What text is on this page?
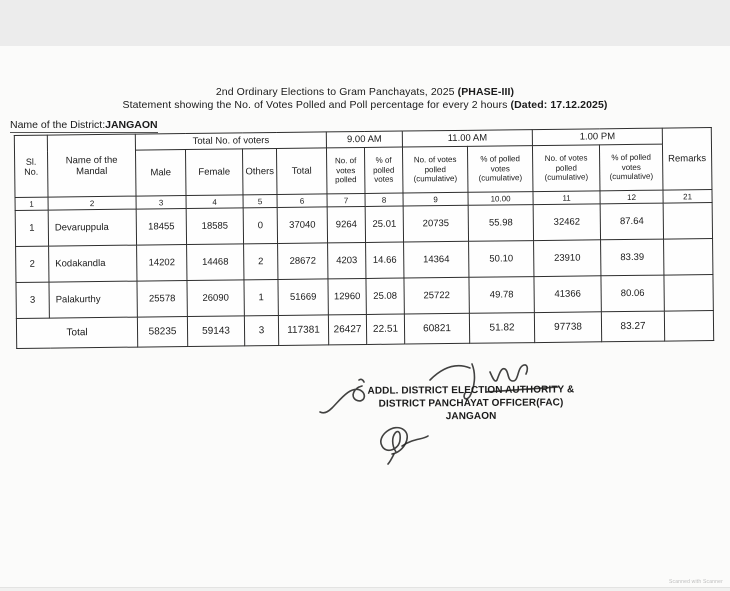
2nd Ordinary Elections to Gram Panchayats, 2025 (PHASE-III)
Statement showing the No. of Votes Polled and Poll percentage for every 2 hours (Dated: 17.12.2025)
Name of the District:JANGAON
Sl.
No.	Name of the Mandal	Total No. of voters				9.00 AM		11.00 AM		1.00 PM		Remarks
		Male	Female	Others	Total	No. of votes polled	% of polled votes	No. of votes polled (cumulative)	% of polled votes (cumulative)	No. of votes polled (cumulative)	% of polled votes (cumulative)	
1	2	3	4	5	6	7	8	9	10.00	11	12	21
1	Devaruppula	18455	18585	0	37040	9264	25.01	20735	55.98	32462	87.64	
2	Kodakandla	14202	14468	2	28672	4203	14.66	14364	50.10	23910	83.39	
3	Palakurthy	25578	26090	1	51669	12960	25.08	25722	49.78	41366	80.06	
Total		58235	59143	3	117381	26427	22.51	60821	51.82	97738	83.27	
ADDL. DISTRICT ELECTION AUTHORITY &
DISTRICT PANCHAYAT OFFICER(FAC)
JANGAON
Scanned with Scanner
